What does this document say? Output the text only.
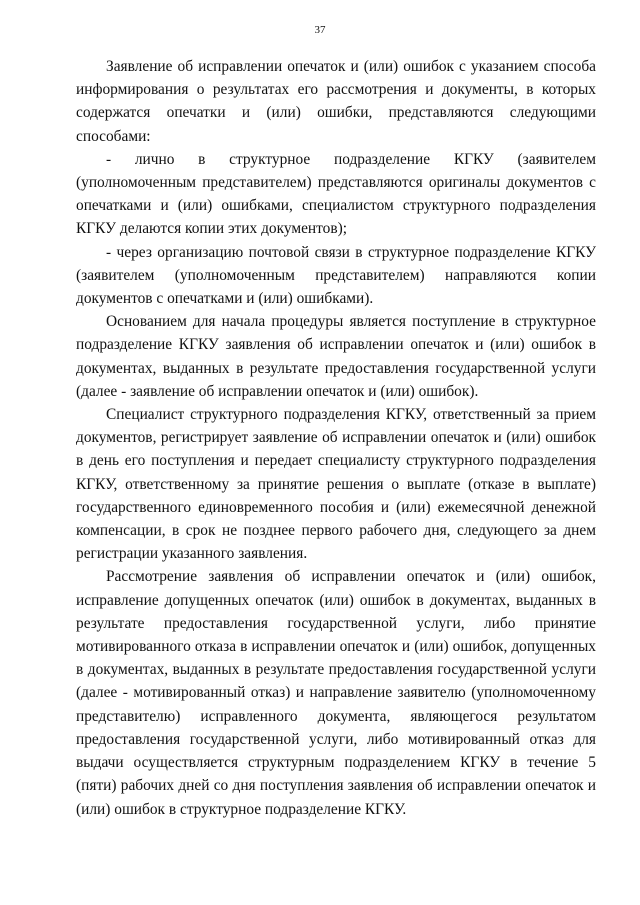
37

Заявление об исправлении опечаток и (или) ошибок с указанием способа информирования о результатах его рассмотрения и документы, в которых содержатся опечатки и (или) ошибки, представляются следующими способами:

- лично в структурное подразделение КГКУ (заявителем (уполномоченным представителем) представляются оригиналы документов с опечатками и (или) ошибками, специалистом структурного подразделения КГКУ делаются копии этих документов);

- через организацию почтовой связи в структурное подразделение КГКУ (заявителем (уполномоченным представителем) направляются копии документов с опечатками и (или) ошибками).

Основанием для начала процедуры является поступление в структурное подразделение КГКУ заявления об исправлении опечаток и (или) ошибок в документах, выданных в результате предоставления государственной услуги (далее - заявление об исправлении опечаток и (или) ошибок).

Специалист структурного подразделения КГКУ, ответственный за прием документов, регистрирует заявление об исправлении опечаток и (или) ошибок в день его поступления и передает специалисту структурного подразделения КГКУ, ответственному за принятие решения о выплате (отказе в выплате) государственного единовременного пособия и (или) ежемесячной денежной компенсации, в срок не позднее первого рабочего дня, следующего за днем регистрации указанного заявления.

Рассмотрение заявления об исправлении опечаток и (или) ошибок, исправление допущенных опечаток (или) ошибок в документах, выданных в результате предоставления государственной услуги, либо принятие мотивированного отказа в исправлении опечаток и (или) ошибок, допущенных в документах, выданных в результате предоставления государственной услуги (далее - мотивированный отказ) и направление заявителю (уполномоченному представителю) исправленного документа, являющегося результатом предоставления государственной услуги, либо мотивированный отказ для выдачи осуществляется структурным подразделением КГКУ в течение 5 (пяти) рабочих дней со дня поступления заявления об исправлении опечаток и (или) ошибок в структурное подразделение КГКУ.
